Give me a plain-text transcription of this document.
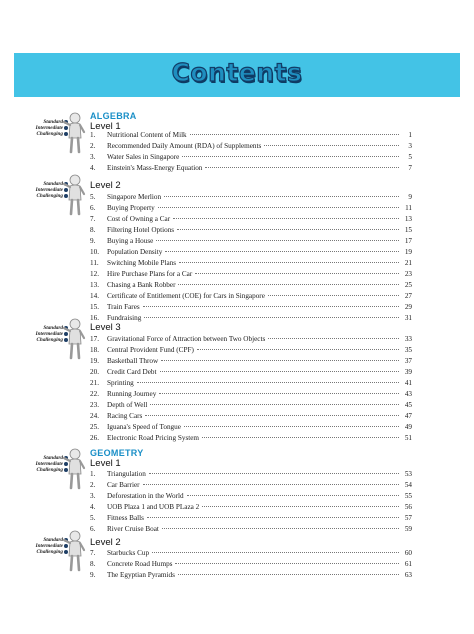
Contents
ALGEBRA
Standard
Intermediate
Challenging
Level 1
Standard
Intermediate
Challenging
Level 2
Standard
Intermediate
Challenging
Level 3
GEOMETRY
Standard
Intermediate
Challenging
Level 1
Standard
Intermediate
Challenging
Level 2
1.	Nutritional Content of Milk	1
2.	Recommended Daily Amount (RDA) of Supplements	3
3.	Water Sales in Singapore	5
4.	Einstein's Mass-Energy Equation	7
5.	Singapore Merlion	9
6.	Buying Property	11
7.	Cost of Owning a Car	13
8.	Filtering Hotel Options	15
9.	Buying a House	17
10.	Population Density	19
11.	Switching Mobile Plans	21
12.	Hire Purchase Plans for a Car	23
13.	Chasing a Bank Robber	25
14.	Certificate of Entitlement (COE) for Cars in Singapore	27
15.	Train Fares	29
16.	Fundraising	31
17.	Gravitational Force of Attraction between Two Objects	33
18.	Central Provident Fund (CPF)	35
19.	Basketball Throw	37
20.	Credit Card Debt	39
21.	Sprinting	41
22.	Running Journey	43
23.	Depth of Well	45
24.	Racing Cars	47
25.	Iguana's Speed of Tongue	49
26.	Electronic Road Pricing System	51
1.	Triangulation	53
2.	Car Barrier	54
3.	Deforestation in the World	55
4.	UOB Plaza 1 and UOB PLaza 2	56
5.	Fitness Balls	57
6.	River Cruise Boat	59
7.	Starbucks Cup	60
8.	Concrete Road Humps	61
9.	The Egyptian Pyramids	63
